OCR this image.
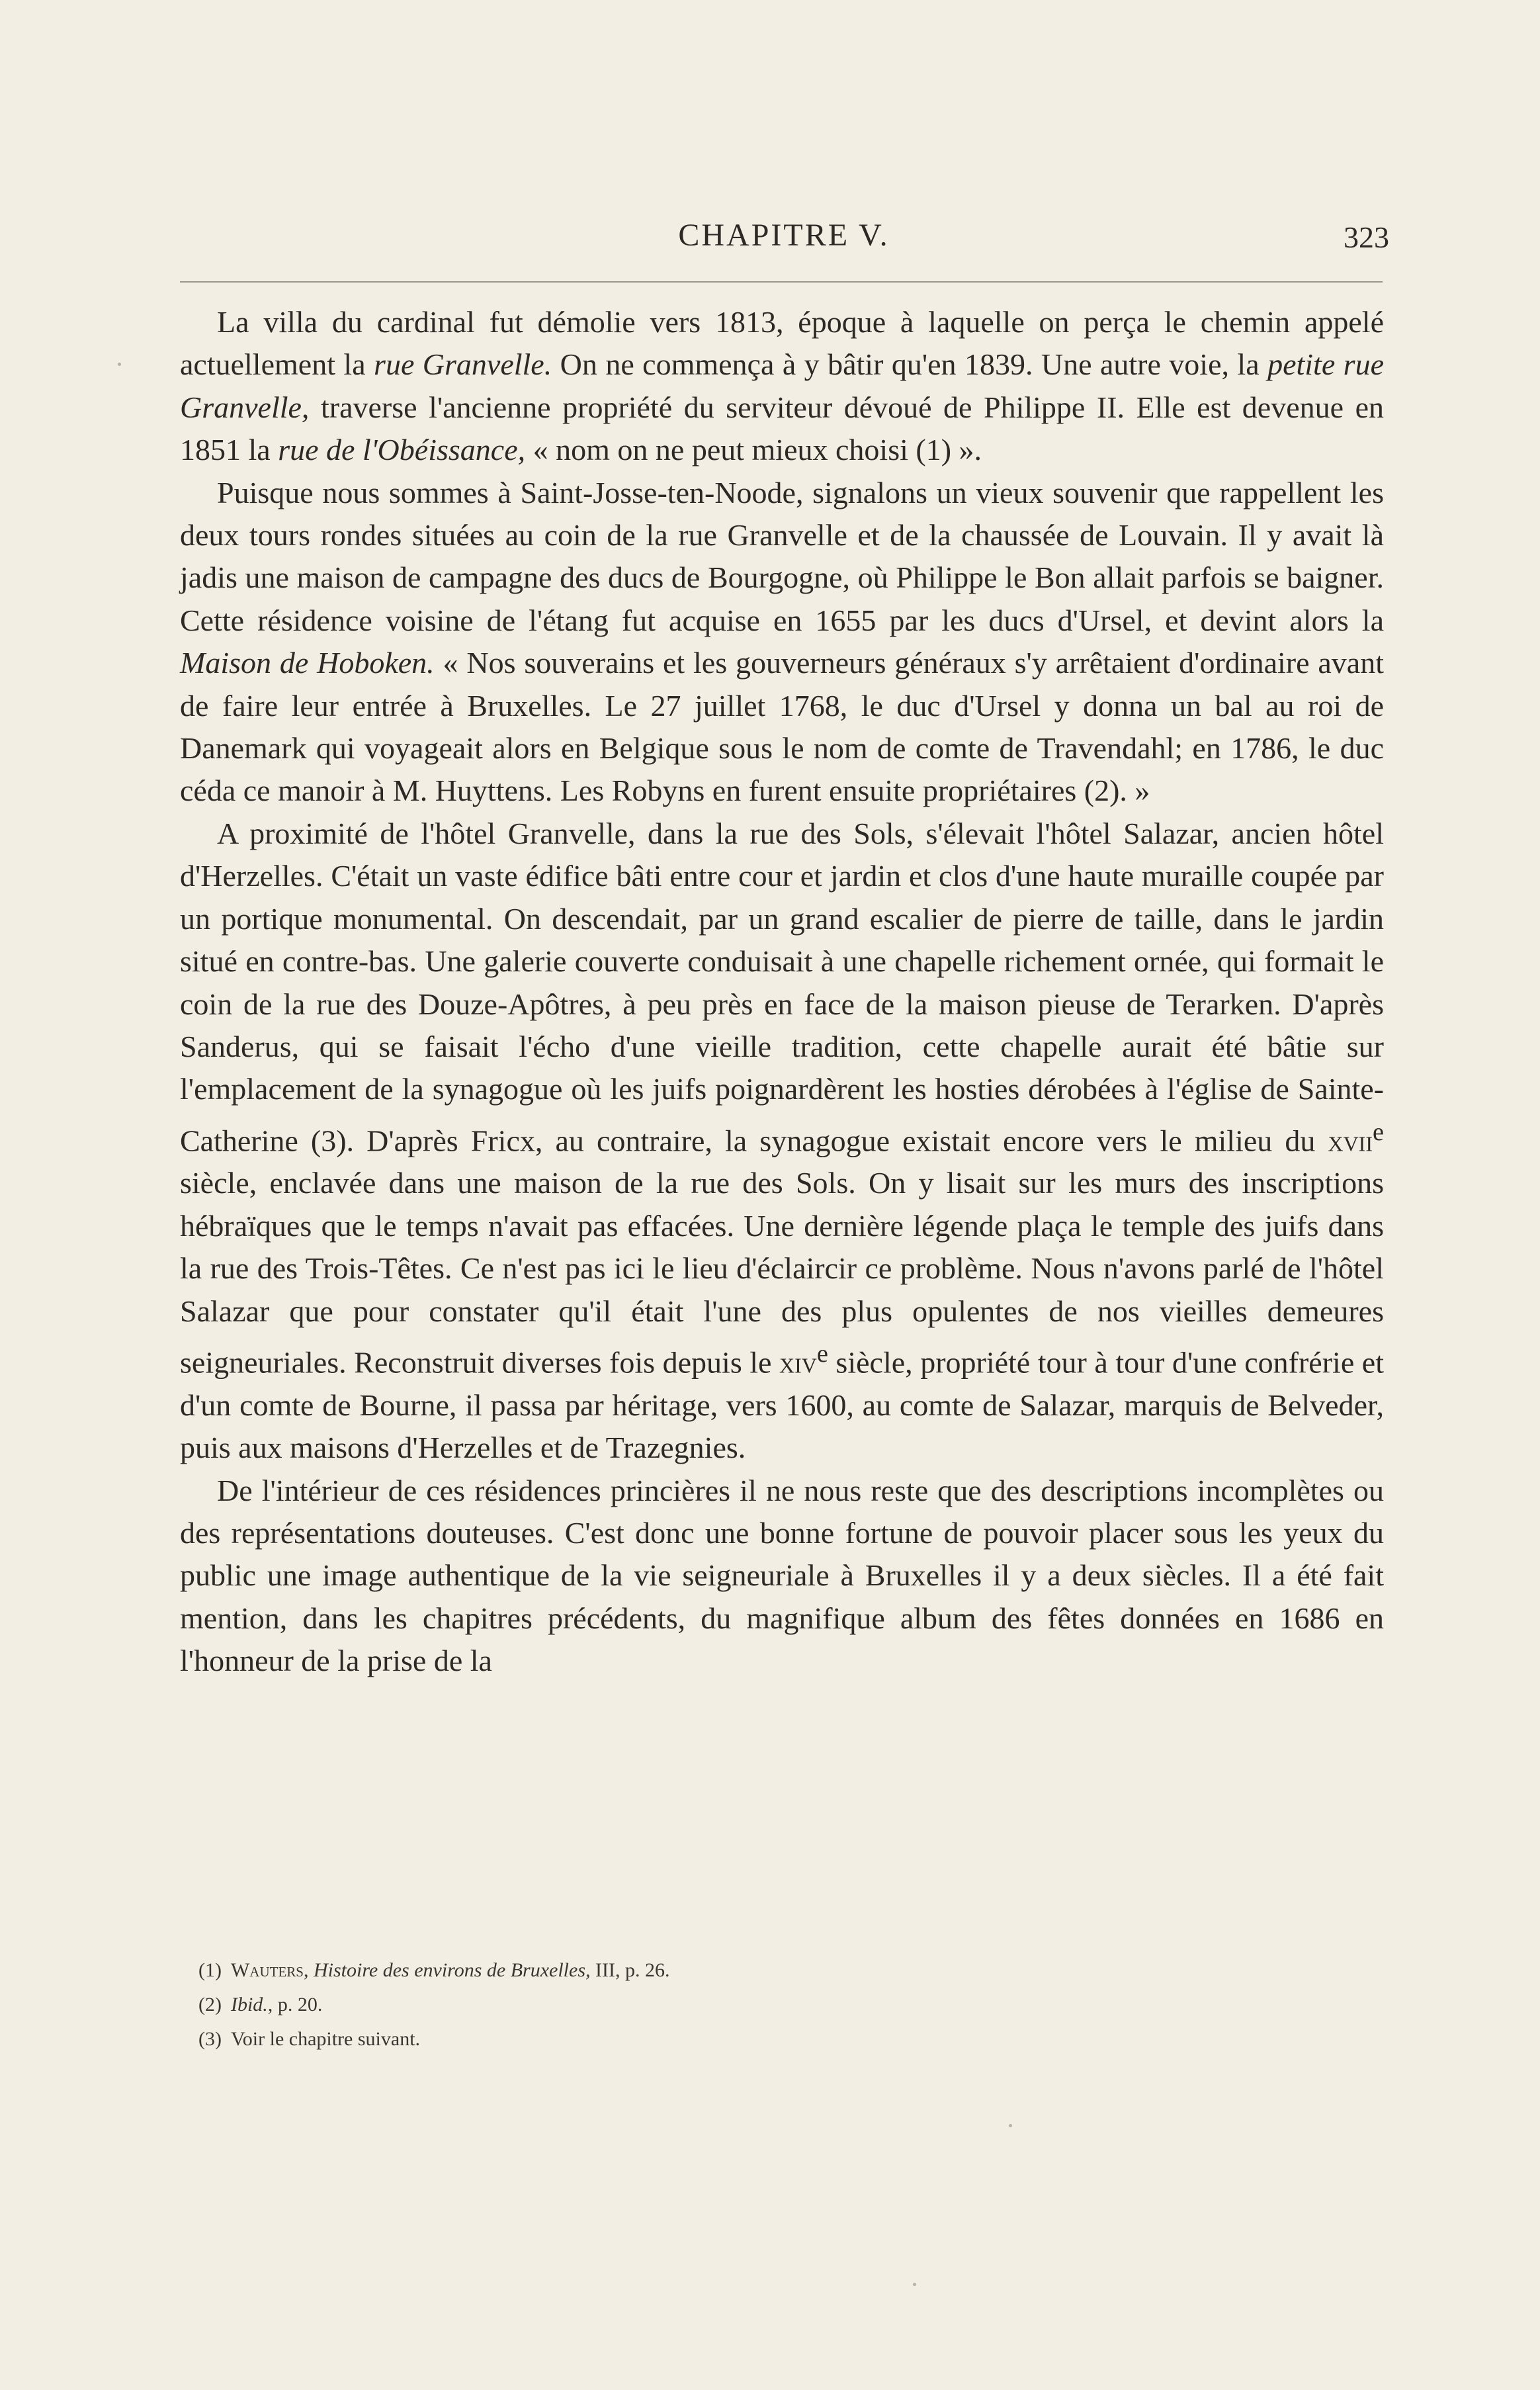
CHAPITRE V.	323

La villa du cardinal fut démolie vers 1813, époque à laquelle on perça le chemin appelé actuellement la rue Granvelle. On ne commença à y bâtir qu'en 1839. Une autre voie, la petite rue Granvelle, traverse l'ancienne propriété du serviteur dévoué de Philippe II. Elle est devenue en 1851 la rue de l'Obéissance, « nom on ne peut mieux choisi (1) ».

Puisque nous sommes à Saint-Josse-ten-Noode, signalons un vieux souvenir que rappellent les deux tours rondes situées au coin de la rue Granvelle et de la chaussée de Louvain. Il y avait là jadis une maison de campagne des ducs de Bourgogne, où Philippe le Bon allait parfois se baigner. Cette résidence voisine de l'étang fut acquise en 1655 par les ducs d'Ursel, et devint alors la Maison de Hoboken. « Nos souverains et les gouverneurs généraux s'y arrêtaient d'ordinaire avant de faire leur entrée à Bruxelles. Le 27 juillet 1768, le duc d'Ursel y donna un bal au roi de Danemark qui voyageait alors en Belgique sous le nom de comte de Travendahl; en 1786, le duc céda ce manoir à M. Huyttens. Les Robyns en furent ensuite propriétaires (2). »

A proximité de l'hôtel Granvelle, dans la rue des Sols, s'élevait l'hôtel Salazar, ancien hôtel d'Herzelles. C'était un vaste édifice bâti entre cour et jardin et clos d'une haute muraille coupée par un portique monumental. On descendait, par un grand escalier de pierre de taille, dans le jardin situé en contre-bas. Une galerie couverte conduisait à une chapelle richement ornée, qui formait le coin de la rue des Douze-Apôtres, à peu près en face de la maison pieuse de Terarken. D'après Sanderus, qui se faisait l'écho d'une vieille tradition, cette chapelle aurait été bâtie sur l'emplacement de la synagogue où les juifs poignardèrent les hosties dérobées à l'église de Sainte-Catherine (3). D'après Fricx, au contraire, la synagogue existait encore vers le milieu du xvii$^e$ siècle, enclavée dans une maison de la rue des Sols. On y lisait sur les murs des inscriptions hébraïques que le temps n'avait pas effacées. Une dernière légende plaça le temple des juifs dans la rue des Trois-Têtes. Ce n'est pas ici le lieu d'éclaircir ce problème. Nous n'avons parlé de l'hôtel Salazar que pour constater qu'il était l'une des plus opulentes de nos vieilles demeures seigneuriales. Reconstruit diverses fois depuis le xiv$^e$ siècle, propriété tour à tour d'une confrérie et d'un comte de Bourne, il passa par héritage, vers 1600, au comte de Salazar, marquis de Belveder, puis aux maisons d'Herzelles et de Trazegnies.

De l'intérieur de ces résidences princières il ne nous reste que des descriptions incomplètes ou des représentations douteuses. C'est donc une bonne fortune de pouvoir placer sous les yeux du public une image authentique de la vie seigneuriale à Bruxelles il y a deux siècles. Il a été fait mention, dans les chapitres précédents, du magnifique album des fêtes données en 1686 en l'honneur de la prise de la

(1) Wauters, Histoire des environs de Bruxelles, III, p. 26.
(2) Ibid., p. 20.
(3) Voir le chapitre suivant.
